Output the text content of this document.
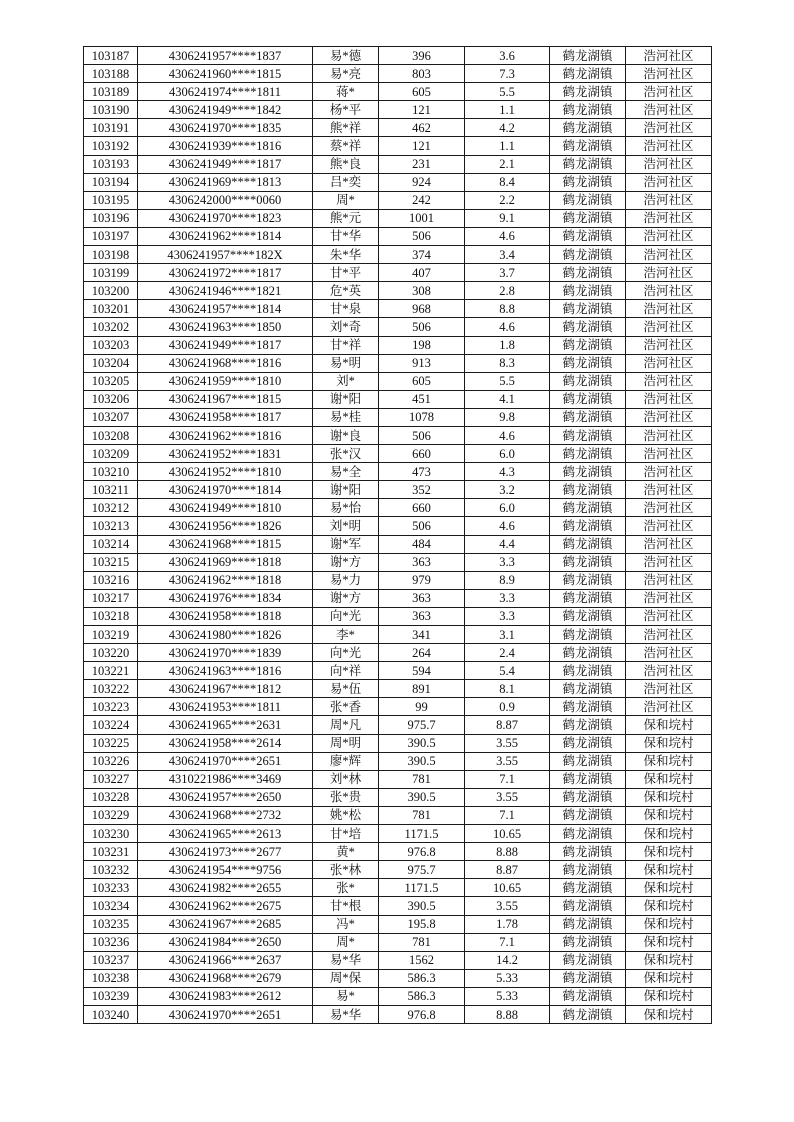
103187	4306241957****1837	易*德	396	3.6	鹤龙湖镇	浩河社区
103188	4306241960****1815	易*亮	803	7.3	鹤龙湖镇	浩河社区
103189	4306241974****1811	蒋*	605	5.5	鹤龙湖镇	浩河社区
103190	4306241949****1842	杨*平	121	1.1	鹤龙湖镇	浩河社区
103191	4306241970****1835	熊*祥	462	4.2	鹤龙湖镇	浩河社区
103192	4306241939****1816	蔡*祥	121	1.1	鹤龙湖镇	浩河社区
103193	4306241949****1817	熊*良	231	2.1	鹤龙湖镇	浩河社区
103194	4306241969****1813	吕*奕	924	8.4	鹤龙湖镇	浩河社区
103195	4306242000****0060	周*	242	2.2	鹤龙湖镇	浩河社区
103196	4306241970****1823	熊*元	1001	9.1	鹤龙湖镇	浩河社区
103197	4306241962****1814	甘*华	506	4.6	鹤龙湖镇	浩河社区
103198	4306241957****182X	朱*华	374	3.4	鹤龙湖镇	浩河社区
103199	4306241972****1817	甘*平	407	3.7	鹤龙湖镇	浩河社区
103200	4306241946****1821	危*英	308	2.8	鹤龙湖镇	浩河社区
103201	4306241957****1814	甘*泉	968	8.8	鹤龙湖镇	浩河社区
103202	4306241963****1850	刘*奇	506	4.6	鹤龙湖镇	浩河社区
103203	4306241949****1817	甘*祥	198	1.8	鹤龙湖镇	浩河社区
103204	4306241968****1816	易*明	913	8.3	鹤龙湖镇	浩河社区
103205	4306241959****1810	刘*	605	5.5	鹤龙湖镇	浩河社区
103206	4306241967****1815	谢*阳	451	4.1	鹤龙湖镇	浩河社区
103207	4306241958****1817	易*桂	1078	9.8	鹤龙湖镇	浩河社区
103208	4306241962****1816	谢*良	506	4.6	鹤龙湖镇	浩河社区
103209	4306241952****1831	张*汉	660	6.0	鹤龙湖镇	浩河社区
103210	4306241952****1810	易*全	473	4.3	鹤龙湖镇	浩河社区
103211	4306241970****1814	谢*阳	352	3.2	鹤龙湖镇	浩河社区
103212	4306241949****1810	易*怡	660	6.0	鹤龙湖镇	浩河社区
103213	4306241956****1826	刘*明	506	4.6	鹤龙湖镇	浩河社区
103214	4306241968****1815	谢*军	484	4.4	鹤龙湖镇	浩河社区
103215	4306241969****1818	谢*方	363	3.3	鹤龙湖镇	浩河社区
103216	4306241962****1818	易*力	979	8.9	鹤龙湖镇	浩河社区
103217	4306241976****1834	谢*方	363	3.3	鹤龙湖镇	浩河社区
103218	4306241958****1818	向*光	363	3.3	鹤龙湖镇	浩河社区
103219	4306241980****1826	李*	341	3.1	鹤龙湖镇	浩河社区
103220	4306241970****1839	向*光	264	2.4	鹤龙湖镇	浩河社区
103221	4306241963****1816	向*祥	594	5.4	鹤龙湖镇	浩河社区
103222	4306241967****1812	易*伍	891	8.1	鹤龙湖镇	浩河社区
103223	4306241953****1811	张*香	99	0.9	鹤龙湖镇	浩河社区
103224	4306241965****2631	周*凡	975.7	8.87	鹤龙湖镇	保和垸村
103225	4306241958****2614	周*明	390.5	3.55	鹤龙湖镇	保和垸村
103226	4306241970****2651	廖*辉	390.5	3.55	鹤龙湖镇	保和垸村
103227	4310221986****3469	刘*林	781	7.1	鹤龙湖镇	保和垸村
103228	4306241957****2650	张*贵	390.5	3.55	鹤龙湖镇	保和垸村
103229	4306241968****2732	姚*松	781	7.1	鹤龙湖镇	保和垸村
103230	4306241965****2613	甘*培	1171.5	10.65	鹤龙湖镇	保和垸村
103231	4306241973****2677	黄*	976.8	8.88	鹤龙湖镇	保和垸村
103232	4306241954****9756	张*林	975.7	8.87	鹤龙湖镇	保和垸村
103233	4306241982****2655	张*	1171.5	10.65	鹤龙湖镇	保和垸村
103234	4306241962****2675	甘*根	390.5	3.55	鹤龙湖镇	保和垸村
103235	4306241967****2685	冯*	195.8	1.78	鹤龙湖镇	保和垸村
103236	4306241984****2650	周*	781	7.1	鹤龙湖镇	保和垸村
103237	4306241966****2637	易*华	1562	14.2	鹤龙湖镇	保和垸村
103238	4306241968****2679	周*保	586.3	5.33	鹤龙湖镇	保和垸村
103239	4306241983****2612	易*	586.3	5.33	鹤龙湖镇	保和垸村
103240	4306241970****2651	易*华	976.8	8.88	鹤龙湖镇	保和垸村
